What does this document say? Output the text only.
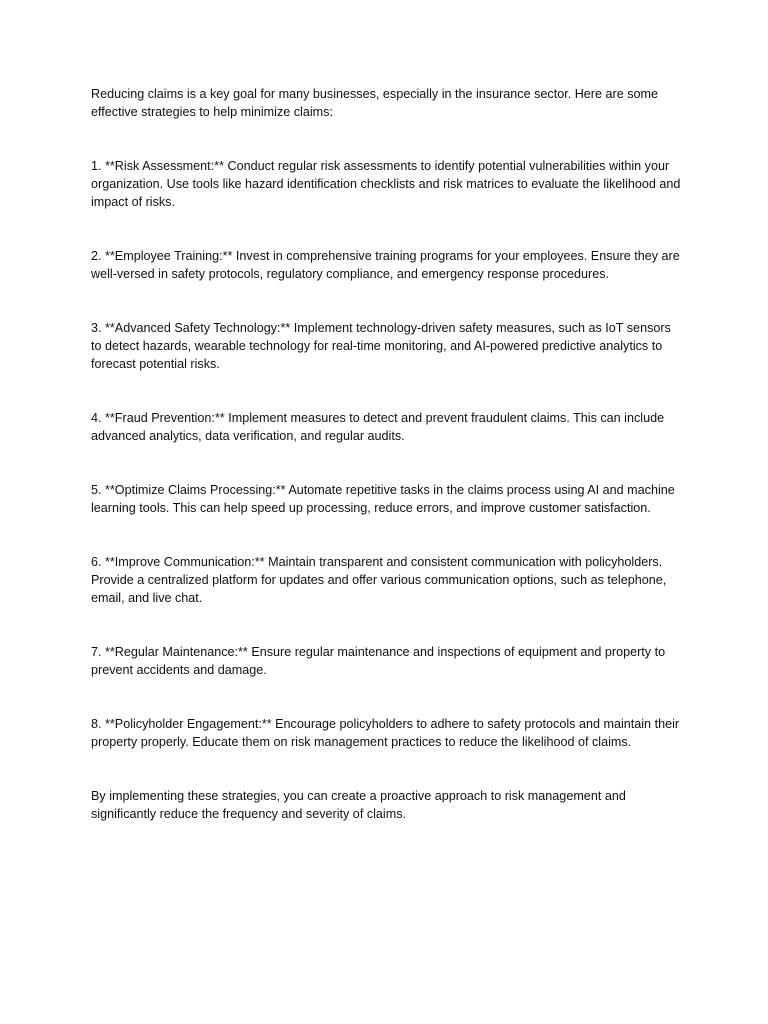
Reducing claims is a key goal for many businesses, especially in the insurance sector. Here are some effective strategies to help minimize claims:

1. **Risk Assessment:** Conduct regular risk assessments to identify potential vulnerabilities within your organization. Use tools like hazard identification checklists and risk matrices to evaluate the likelihood and impact of risks.

2. **Employee Training:** Invest in comprehensive training programs for your employees. Ensure they are well-versed in safety protocols, regulatory compliance, and emergency response procedures.

3. **Advanced Safety Technology:** Implement technology-driven safety measures, such as IoT sensors to detect hazards, wearable technology for real-time monitoring, and AI-powered predictive analytics to forecast potential risks.

4. **Fraud Prevention:** Implement measures to detect and prevent fraudulent claims. This can include advanced analytics, data verification, and regular audits.

5. **Optimize Claims Processing:** Automate repetitive tasks in the claims process using AI and machine learning tools. This can help speed up processing, reduce errors, and improve customer satisfaction.

6. **Improve Communication:** Maintain transparent and consistent communication with policyholders. Provide a centralized platform for updates and offer various communication options, such as telephone, email, and live chat.

7. **Regular Maintenance:** Ensure regular maintenance and inspections of equipment and property to prevent accidents and damage.

8. **Policyholder Engagement:** Encourage policyholders to adhere to safety protocols and maintain their property properly. Educate them on risk management practices to reduce the likelihood of claims.

By implementing these strategies, you can create a proactive approach to risk management and significantly reduce the frequency and severity of claims.
